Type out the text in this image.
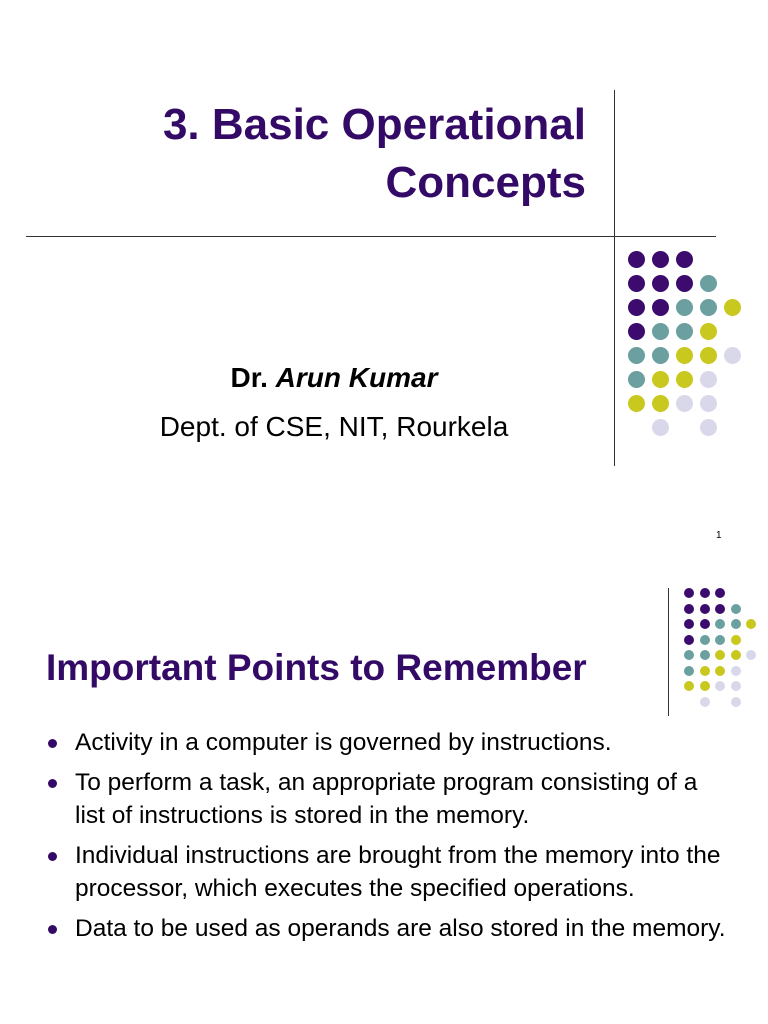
3. Basic Operational
Concepts
Dr. Arun Kumar
Dept. of CSE, NIT, Rourkela
1
Important Points to Remember
Activity in a computer is governed by instructions.
To perform a task, an appropriate program consisting of a list of instructions is stored in the memory.
Individual instructions are brought from the memory into the processor, which executes the specified operations.
Data to be used as operands are also stored in the memory.
